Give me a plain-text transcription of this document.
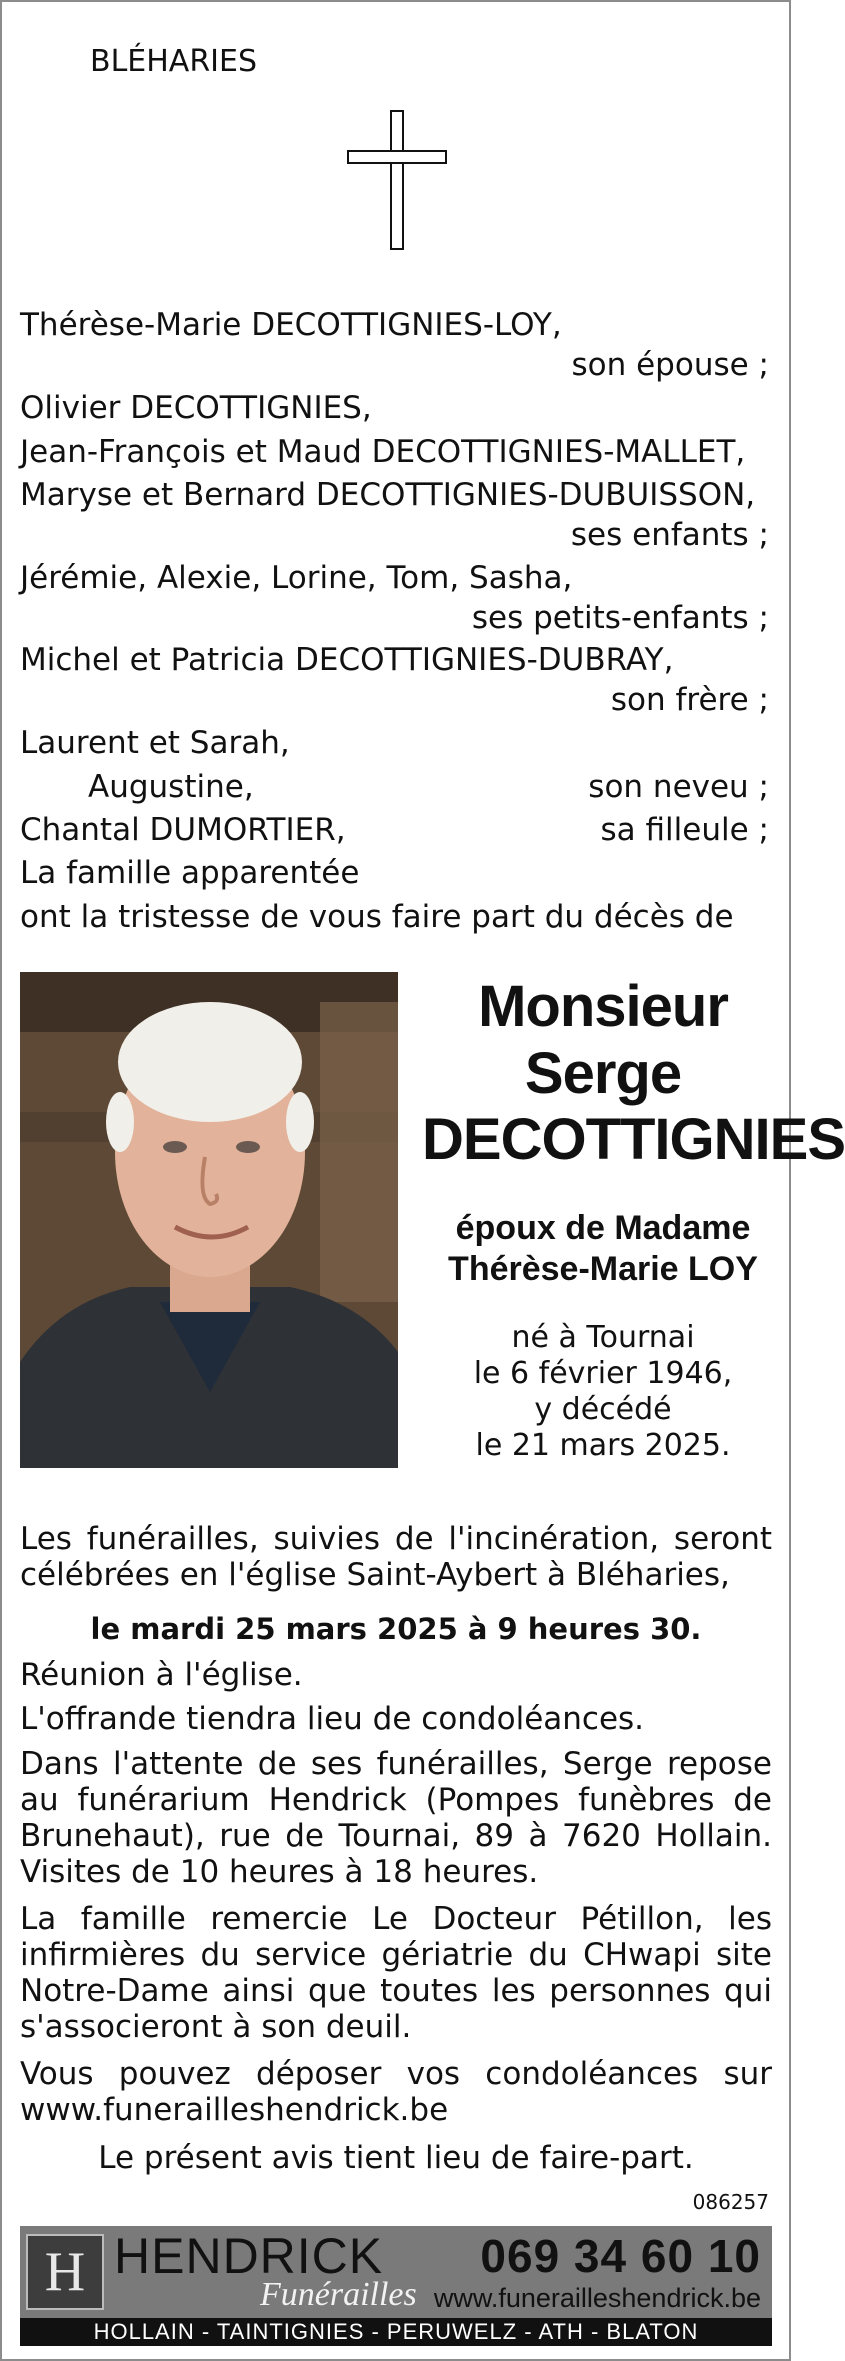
BLÉHARIES
Thérèse-Marie DECOTTIGNIES-LOY,
son épouse ;
Olivier DECOTTIGNIES,
Jean-François et Maud DECOTTIGNIES-MALLET,
Maryse et Bernard DECOTTIGNIES-DUBUISSON,
ses enfants ;
Jérémie, Alexie, Lorine, Tom, Sasha,
ses petits-enfants ;
Michel et Patricia DECOTTIGNIES-DUBRAY,
son frère ;
Laurent et Sarah,
Augustine,	son neveu ;
Chantal DUMORTIER,	sa filleule ;
La famille apparentée
ont la tristesse de vous faire part du décès de
Monsieur
Serge
DECOTTIGNIES
époux de Madame
Thérèse-Marie LOY
né à Tournai
le 6 février 1946,
y décédé
le 21 mars 2025.

Les funérailles, suivies de l'incinération, seront célébrées en l'église Saint-Aybert à Bléharies,

le mardi 25 mars 2025 à 9 heures 30.

Réunion à l'église.

L'offrande tiendra lieu de condoléances.

Dans l'attente de ses funérailles, Serge repose au funérarium Hendrick (Pompes funèbres de Brunehaut), rue de Tournai, 89 à 7620 Hollain. Visites de 10 heures à 18 heures.

La famille remercie Le Docteur Pétillon, les infirmières du service gériatrie du CHwapi site Notre-Dame ainsi que toutes les personnes qui s'associeront à son deuil.

Vous pouvez déposer vos condoléances sur www.funerailleshendrick.be

Le présent avis tient lieu de faire-part.
086257
H HENDRICK
Funérailles
069 34 60 10
www.funerailleshendrick.be
HOLLAIN - TAINTIGNIES - PERUWELZ - ATH - BLATON
